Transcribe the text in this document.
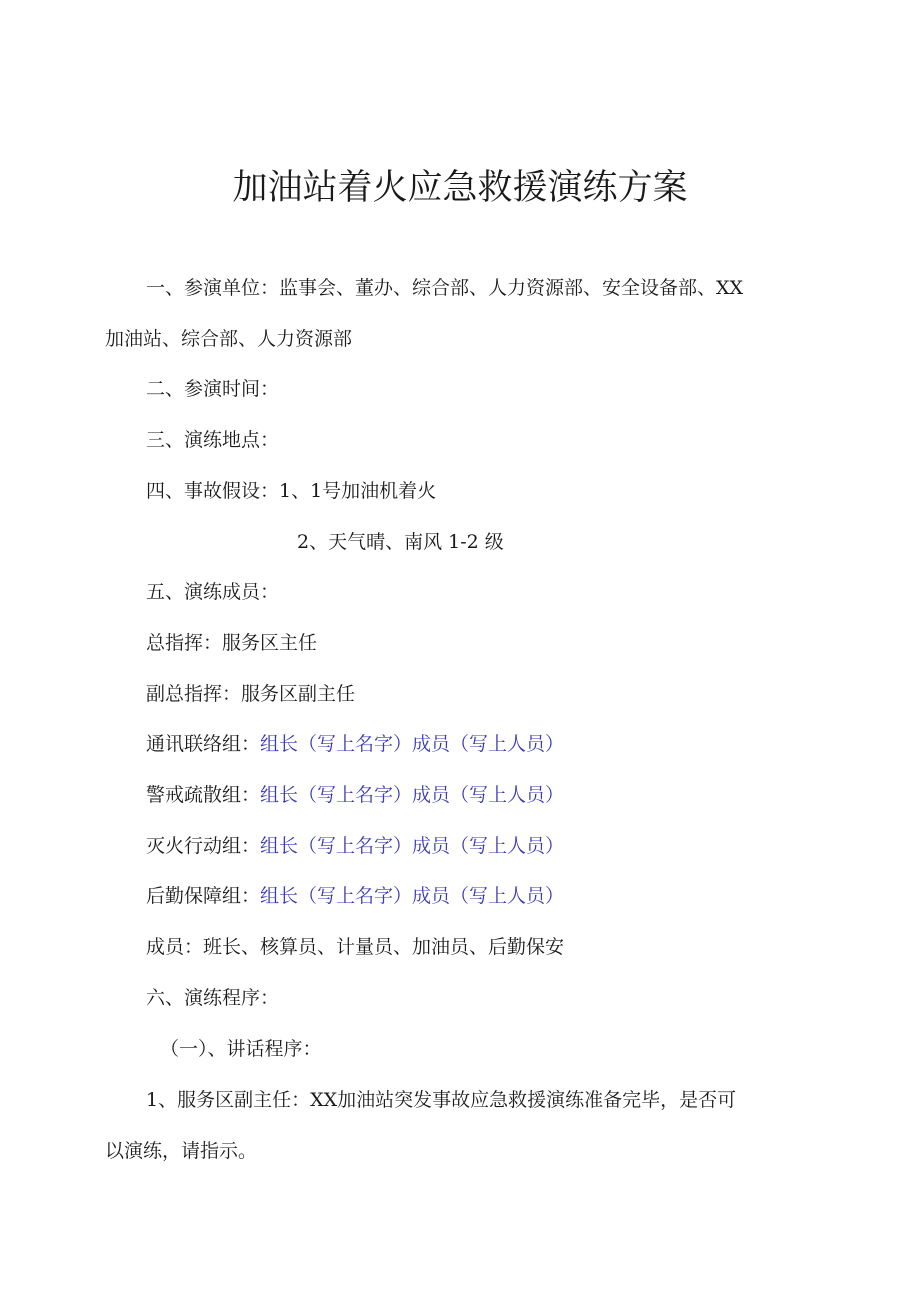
加油站着火应急救援演练方案
一、参演单位：监事会、董办、综合部、人力资源部、安全设备部、XX
加油站、综合部、人力资源部
二、参演时间：
三、演练地点：
四、事故假设：1、1号加油机着火
2、天气晴、南风 1-2 级
五、演练成员：
总指挥：服务区主任
副总指挥：服务区副主任
通讯联络组：组长（写上名字）成员（写上人员）
警戒疏散组：组长（写上名字）成员（写上人员）
灭火行动组：组长（写上名字）成员（写上人员）
后勤保障组：组长（写上名字）成员（写上人员）
成员：班长、核算员、计量员、加油员、后勤保安
六、演练程序：
（一）、讲话程序：
1、服务区副主任：XX加油站突发事故应急救援演练准备完毕，是否可
以演练，请指示。
